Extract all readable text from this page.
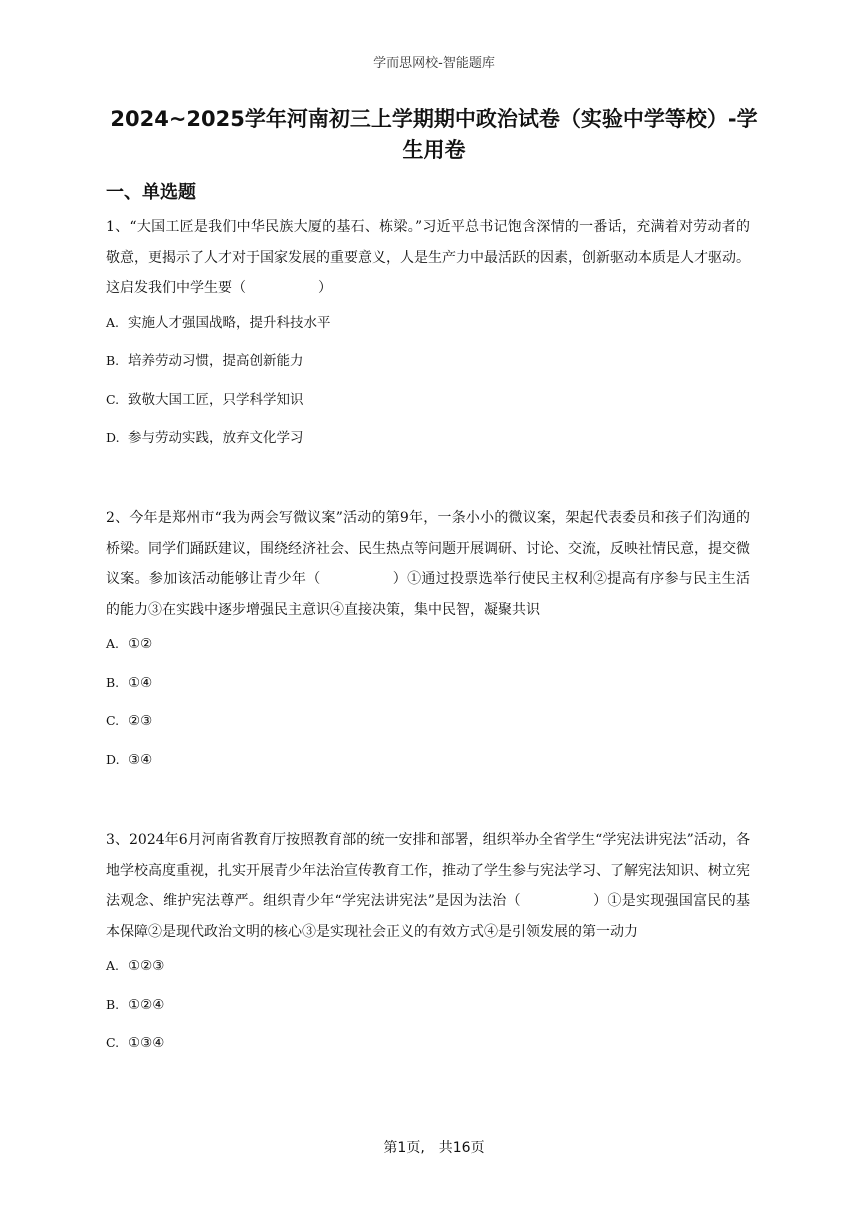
学而思网校-智能题库
2024~2025学年河南初三上学期期中政治试卷（实验中学等校）-学生用卷
一、单选题

1、“大国工匠是我们中华民族大厦的基石、栋梁。”习近平总书记饱含深情的一番话，充满着对劳动者的敬意，更揭示了人才对于国家发展的重要意义，人是生产力中最活跃的因素，创新驱动本质是人才驱动。这启发我们中学生要（	）

A. 实施人才强国战略，提升科技水平

B. 培养劳动习惯，提高创新能力

C. 致敬大国工匠，只学科学知识

D. 参与劳动实践，放弃文化学习

2、今年是郑州市“我为两会写微议案”活动的第9年，一条小小的微议案，架起代表委员和孩子们沟通的桥梁。同学们踊跃建议，围绕经济社会、民生热点等问题开展调研、讨论、交流，反映社情民意，提交微议案。参加该活动能够让青少年（	）①通过投票选举行使民主权利②提高有序参与民主生活的能力③在实践中逐步增强民主意识④直接决策，集中民智，凝聚共识

A. ①②

B. ①④

C. ②③

D. ③④

3、2024年6月河南省教育厅按照教育部的统一安排和部署，组织举办全省学生“学宪法讲宪法”活动，各地学校高度重视，扎实开展青少年法治宣传教育工作，推动了学生参与宪法学习、了解宪法知识、树立宪法观念、维护宪法尊严。组织青少年“学宪法讲宪法”是因为法治（	）①是实现强国富民的基本保障②是现代政治文明的核心③是实现社会正义的有效方式④是引领发展的第一动力

A. ①②③

B. ①②④

C. ①③④

第1页, 共16页
